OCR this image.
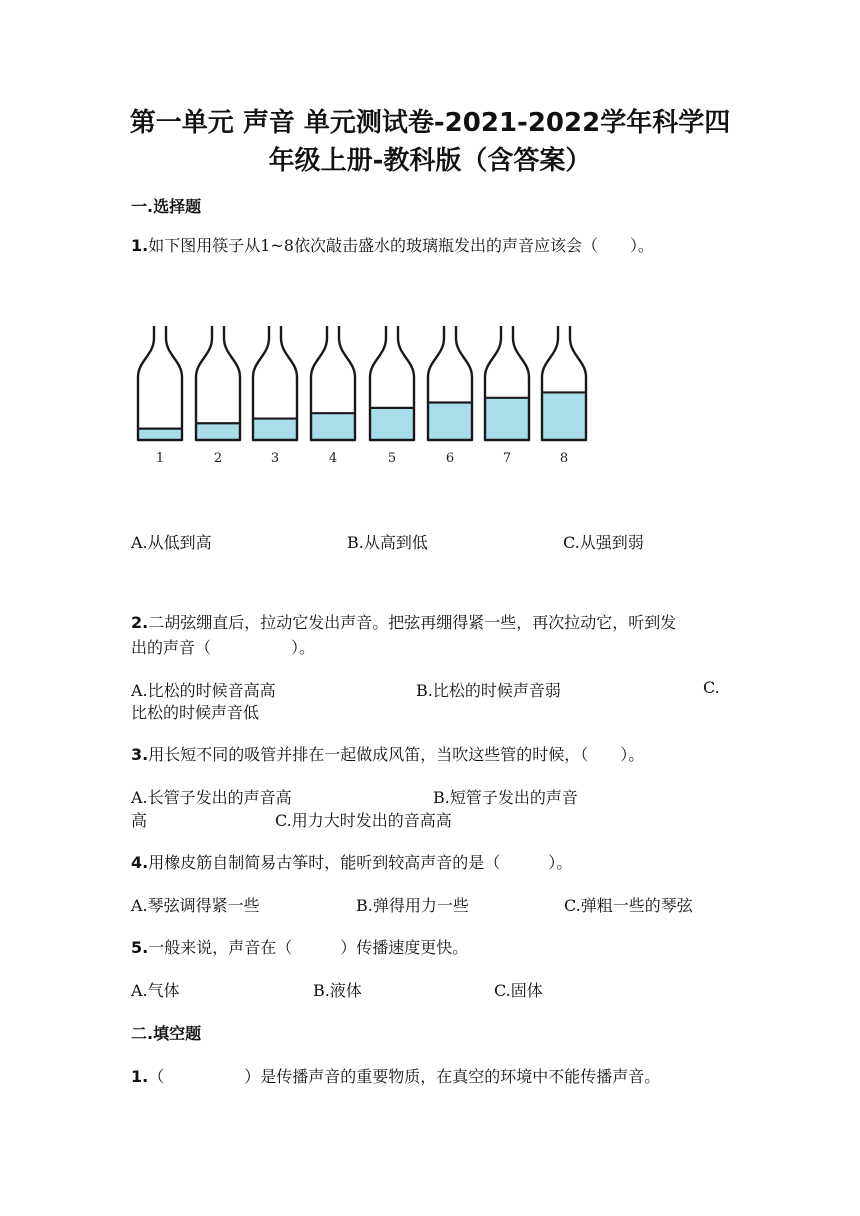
第一单元 声音 单元测试卷-2021-2022学年科学四
年级上册-教科版（含答案）
一.选择题
1.如下图用筷子从1~8依次敲击盛水的玻璃瓶发出的声音应该会（　　）。
1	2	3	4	5	6	7	8
A.从低到高	B.从高到低	C.从强到弱
2.二胡弦绷直后，拉动它发出声音。把弦再绷得紧一些，再次拉动它，听到发
出的声音（　　　　　）。
A.比松的时候音高高	B.比松的时候声音弱	C.
比松的时候声音低
3.用长短不同的吸管并排在一起做成风笛，当吹这些管的时候，（　　）。
A.长管子发出的声音高	B.短管子发出的声音
高	C.用力大时发出的音高高
4.用橡皮筋自制简易古筝时，能听到较高声音的是（　　　）。
A.琴弦调得紧一些	B.弹得用力一些	C.弹粗一些的琴弦
5.一般来说，声音在（　　　）传播速度更快。
A.气体	B.液体	C.固体
二.填空题
1.（　　　　　）是传播声音的重要物质，在真空的环境中不能传播声音。
